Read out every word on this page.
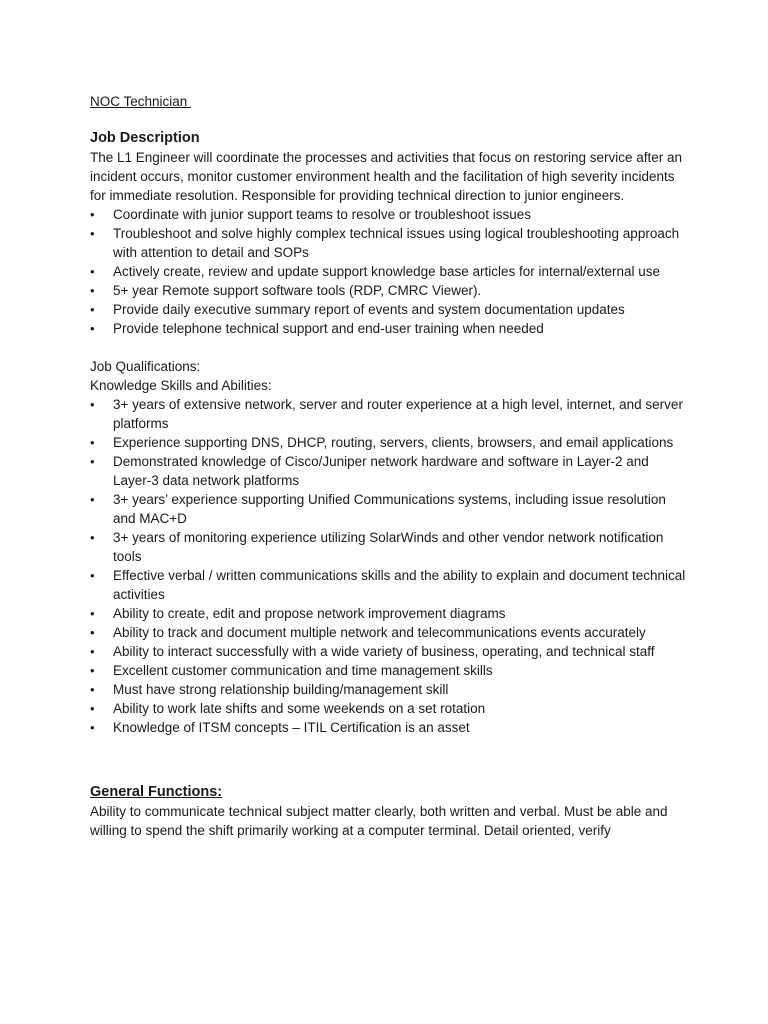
NOC Technician

Job Description

The L1 Engineer will coordinate the processes and activities that focus on restoring service after an incident occurs, monitor customer environment health and the facilitation of high severity incidents for immediate resolution. Responsible for providing technical direction to junior engineers.

• Coordinate with junior support teams to resolve or troubleshoot issues
• Troubleshoot and solve highly complex technical issues using logical troubleshooting approach with attention to detail and SOPs
• Actively create, review and update support knowledge base articles for internal/external use
• 5+ year Remote support software tools (RDP, CMRC Viewer).
• Provide daily executive summary report of events and system documentation updates
• Provide telephone technical support and end-user training when needed

Job Qualifications:

Knowledge Skills and Abilities:

• 3+ years of extensive network, server and router experience at a high level, internet, and server platforms
• Experience supporting DNS, DHCP, routing, servers, clients, browsers, and email applications
• Demonstrated knowledge of Cisco/Juniper network hardware and software in Layer-2 and Layer-3 data network platforms
• 3+ years’ experience supporting Unified Communications systems, including issue resolution and MAC+D
• 3+ years of monitoring experience utilizing SolarWinds and other vendor network notification tools
• Effective verbal / written communications skills and the ability to explain and document technical activities
• Ability to create, edit and propose network improvement diagrams
• Ability to track and document multiple network and telecommunications events accurately
• Ability to interact successfully with a wide variety of business, operating, and technical staff
• Excellent customer communication and time management skills
• Must have strong relationship building/management skill
• Ability to work late shifts and some weekends on a set rotation
• Knowledge of ITSM concepts – ITIL Certification is an asset

General Functions:

Ability to communicate technical subject matter clearly, both written and verbal. Must be able and willing to spend the shift primarily working at a computer terminal. Detail oriented, verify
